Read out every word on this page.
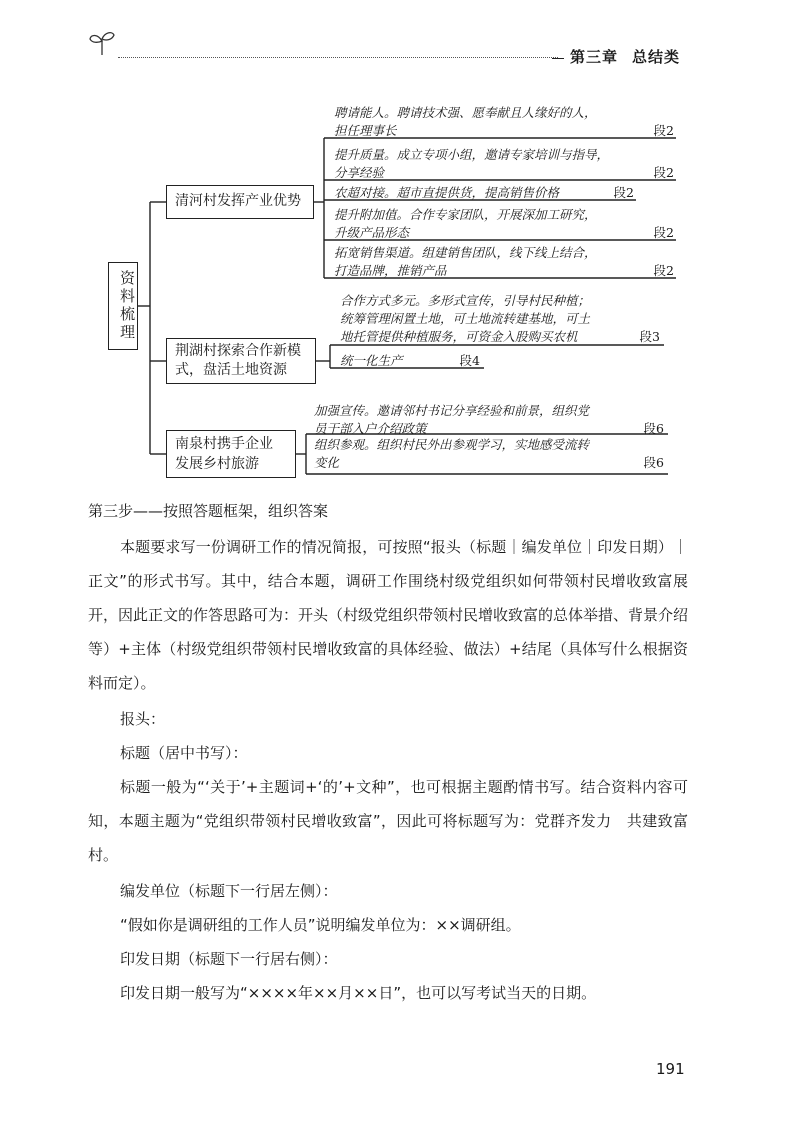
第三章 总结类
资料梳理
清河村发挥产业优势
荆湖村探索合作新模
式，盘活土地资源
南泉村携手企业
发展乡村旅游
聘请能人。聘请技术强、愿奉献且人缘好的人，
担任理事长	段2
提升质量。成立专项小组，邀请专家培训与指导，
分享经验	段2
农超对接。超市直提供货，提高销售价格	段2
提升附加值。合作专家团队，开展深加工研究，
升级产品形态	段2
拓宽销售渠道。组建销售团队，线下线上结合，
打造品牌，推销产品	段2
合作方式多元。多形式宣传，引导村民种植；
统筹管理闲置土地，可土地流转建基地，可土
地托管提供种植服务，可资金入股购买农机	段3
统一化生产	段4
加强宣传。邀请邻村书记分享经验和前景，组织党
员干部入户介绍政策	段6
组织参观。组织村民外出参观学习，实地感受流转
变化	段6

第三步——按照答题框架，组织答案

本题要求写一份调研工作的情况简报，可按照“报头（标题｜编发单位｜印发日期）｜正文”的形式书写。其中，结合本题，调研工作围绕村级党组织如何带领村民增收致富展开，因此正文的作答思路可为：开头（村级党组织带领村民增收致富的总体举措、背景介绍等）+主体（村级党组织带领村民增收致富的具体经验、做法）+结尾（具体写什么根据资料而定）。

报头：

标题（居中书写）：

标题一般为“‘关于’+主题词+‘的’+文种”，也可根据主题酌情书写。结合资料内容可知，本题主题为“党组织带领村民增收致富”，因此可将标题写为：党群齐发力　共建致富村。

编发单位（标题下一行居左侧）：

“假如你是调研组的工作人员”说明编发单位为：××调研组。

印发日期（标题下一行居右侧）：

印发日期一般写为“××××年××月××日”，也可以写考试当天的日期。

191
